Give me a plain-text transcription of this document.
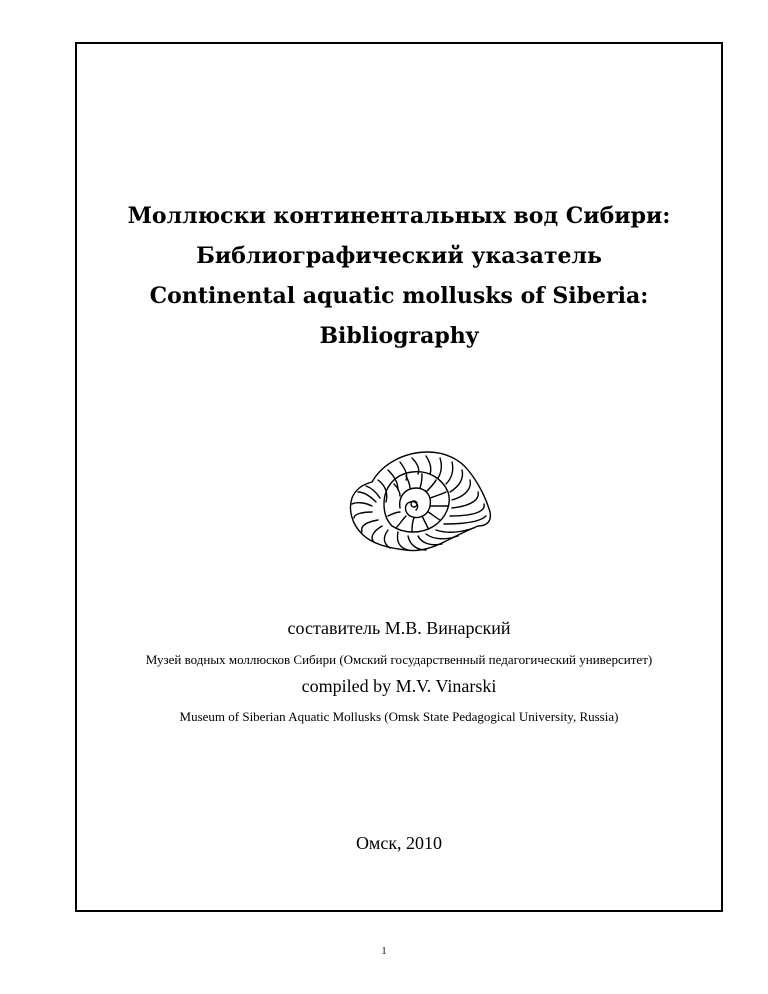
Моллюски континентальных вод Сибири:
Библиографический указатель
Continental aquatic mollusks of Siberia:
Bibliography
составитель М.В. Винарский
Музей водных моллюсков Сибири (Омский государственный педагогический университет)
compiled by M.V. Vinarski
Museum of Siberian Aquatic Mollusks (Omsk State Pedagogical University, Russia)
Омск, 2010
1
